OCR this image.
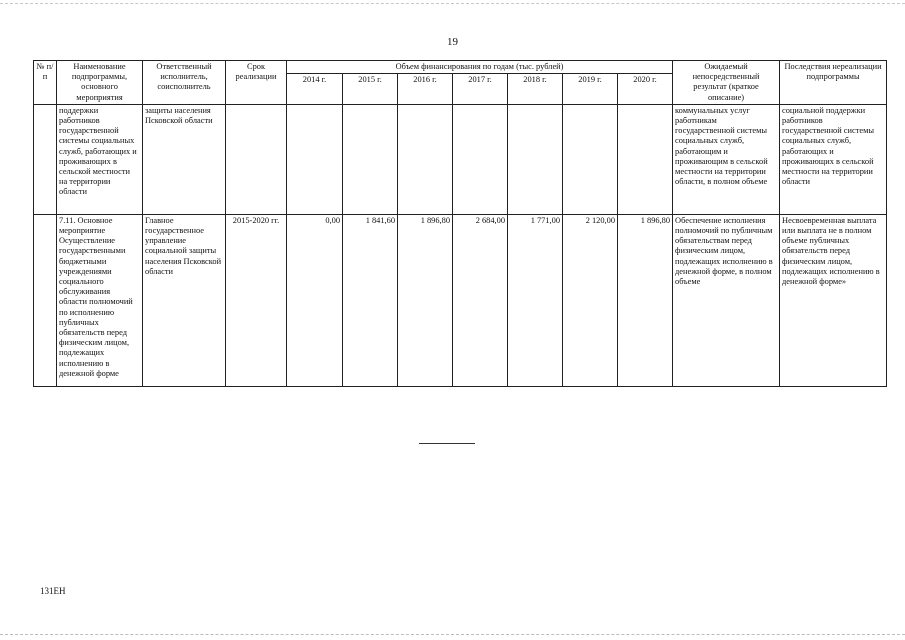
19
№ п/п	Наименование подпрограммы, основного мероприятия	Ответственный исполнитель, соисполнитель	Срок реализации	Объем финансирования по годам (тыс. рублей)							Ожидаемый непосредственный результат (краткое описание)	Последствия нереализации подпрограммы
				2014 г.	2015 г.	2016 г.	2017 г.	2018 г.	2019 г.	2020 г.		
	поддержки работников государственной системы социальных служб, работающих и проживающих в сельской местности на территории области	защиты населения Псковской области									коммунальных услуг работникам государственной системы социальных служб, работающим и проживающим в сельской местности на территории области, в полном объеме	социальной поддержки работников государственной системы социальных служб, работающих и проживающих в сельской местности на территории области
	7.11. Основное мероприятие Осуществление государственными бюджетными учреждениями социального обслуживания области полномочий по исполнению публичных обязательств перед физическим лицом, подлежащих исполнению в денежной форме	Главное государственное управление социальной защиты населения Псковской области	2015-2020 гг.	0,00	1 841,60	1 896,80	2 684,00	1 771,00	2 120,00	1 896,80	Обеспечение исполнения полномочий по публичным обязательствам перед физическим лицом, подлежащих исполнению в денежной форме, в полном объеме	Несвоевременная выплата или выплата не в полном объеме публичных обязательств перед физическим лицом, подлежащих исполнению в денежной форме»
131ЕН
